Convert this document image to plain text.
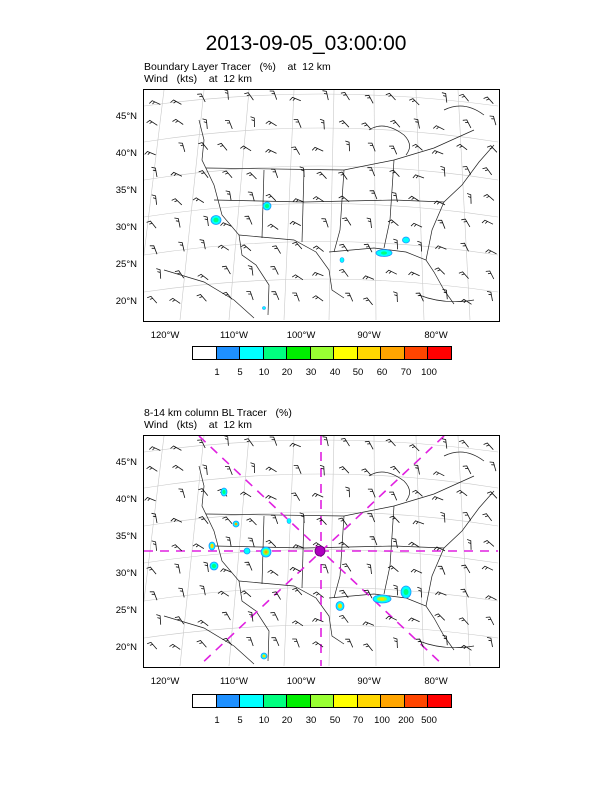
2013-09-05_03:00:00
Boundary Layer Tracer   (%)    at  12 km
Wind   (kts)    at  12 km
45°N
40°N
35°N
30°N
25°N
20°N
120°W	110°W	100°W	90°W	80°W
1	5	10	20	30	40	50	60	70	100
8-14 km column BL Tracer   (%)
Wind   (kts)    at  12 km
45°N
40°N
35°N
30°N
25°N
20°N
120°W	110°W	100°W	90°W	80°W
1	5	10	20	30	50	70	100 200 500
